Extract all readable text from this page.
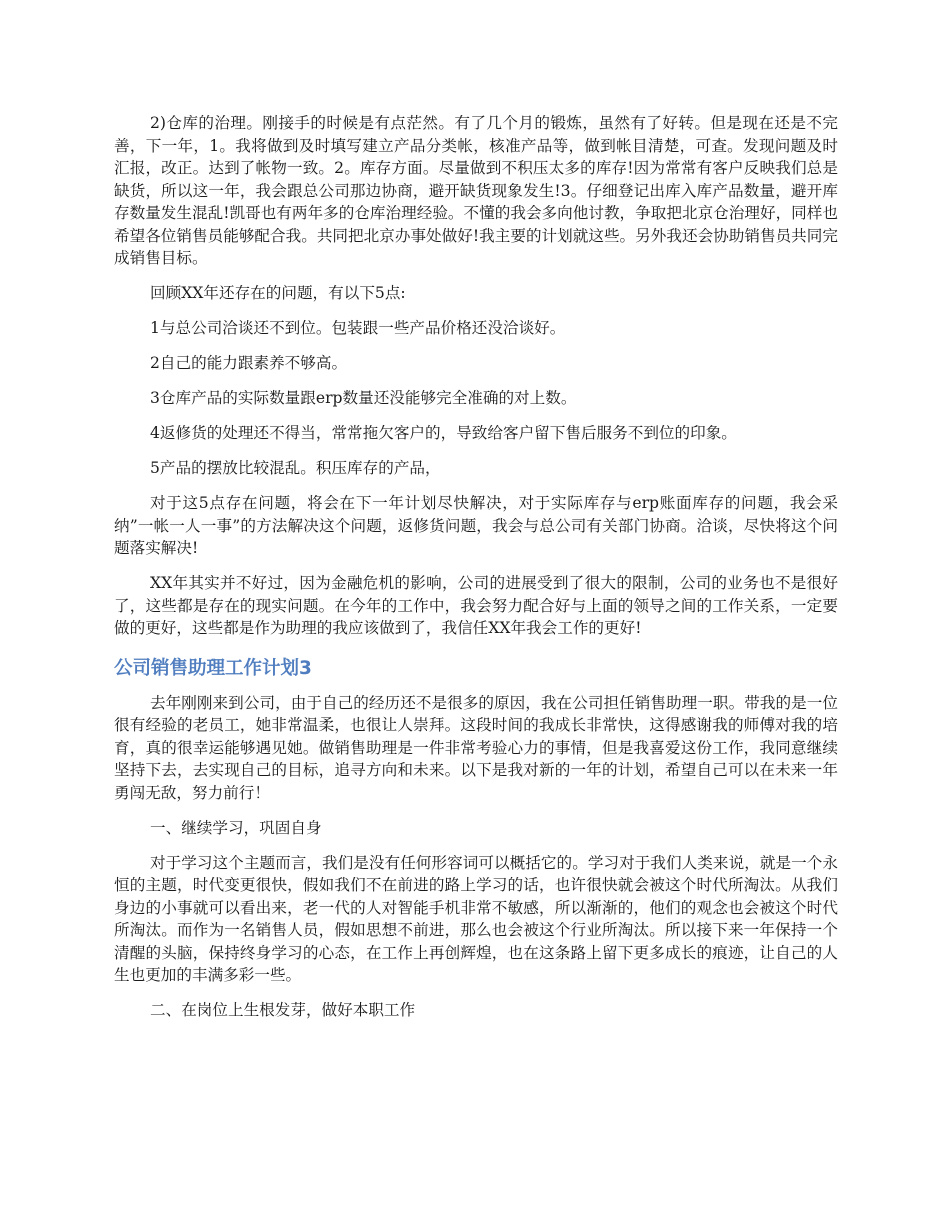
2)仓库的治理。刚接手的时候是有点茫然。有了几个月的锻炼，虽然有了好转。但是现在还是不完善，下一年，1。我将做到及时填写建立产品分类帐，核准产品等，做到帐目清楚，可查。发现问题及时汇报，改正。达到了帐物一致。2。库存方面。尽量做到不积压太多的库存!因为常常有客户反映我们总是缺货，所以这一年，我会跟总公司那边协商，避开缺货现象发生!3。仔细登记出库入库产品数量，避开库存数量发生混乱!凯哥也有两年多的仓库治理经验。不懂的我会多向他讨教，争取把北京仓治理好，同样也希望各位销售员能够配合我。共同把北京办事处做好!我主要的计划就这些。另外我还会协助销售员共同完成销售目标。

回顾XX年还存在的问题，有以下5点:

1与总公司洽谈还不到位。包装跟一些产品价格还没洽谈好。

2自己的能力跟素养不够高。

3仓库产品的实际数量跟erp数量还没能够完全准确的对上数。

4返修货的处理还不得当，常常拖欠客户的，导致给客户留下售后服务不到位的印象。

5产品的摆放比较混乱。积压库存的产品，

对于这5点存在问题，将会在下一年计划尽快解决，对于实际库存与erp账面库存的问题，我会采纳”一帐一人一事”的方法解决这个问题，返修货问题，我会与总公司有关部门协商。洽谈，尽快将这个问题落实解决!

XX年其实并不好过，因为金融危机的影响，公司的进展受到了很大的限制，公司的业务也不是很好了，这些都是存在的现实问题。在今年的工作中，我会努力配合好与上面的领导之间的工作关系，一定要做的更好，这些都是作为助理的我应该做到了，我信任XX年我会工作的更好!

公司销售助理工作计划3

去年刚刚来到公司，由于自己的经历还不是很多的原因，我在公司担任销售助理一职。带我的是一位很有经验的老员工，她非常温柔，也很让人崇拜。这段时间的我成长非常快，这得感谢我的师傅对我的培育，真的很幸运能够遇见她。做销售助理是一件非常考验心力的事情，但是我喜爱这份工作，我同意继续坚持下去，去实现自己的目标，追寻方向和未来。以下是我对新的一年的计划，希望自己可以在未来一年勇闯无敌，努力前行！

一、继续学习，巩固自身

对于学习这个主题而言，我们是没有任何形容词可以概括它的。学习对于我们人类来说，就是一个永恒的主题，时代变更很快，假如我们不在前进的路上学习的话，也许很快就会被这个时代所淘汰。从我们身边的小事就可以看出来，老一代的人对智能手机非常不敏感，所以渐渐的，他们的观念也会被这个时代所淘汰。而作为一名销售人员，假如思想不前进，那么也会被这个行业所淘汰。所以接下来一年保持一个清醒的头脑，保持终身学习的心态，在工作上再创辉煌，也在这条路上留下更多成长的痕迹，让自己的人生也更加的丰满多彩一些。

二、在岗位上生根发芽，做好本职工作
